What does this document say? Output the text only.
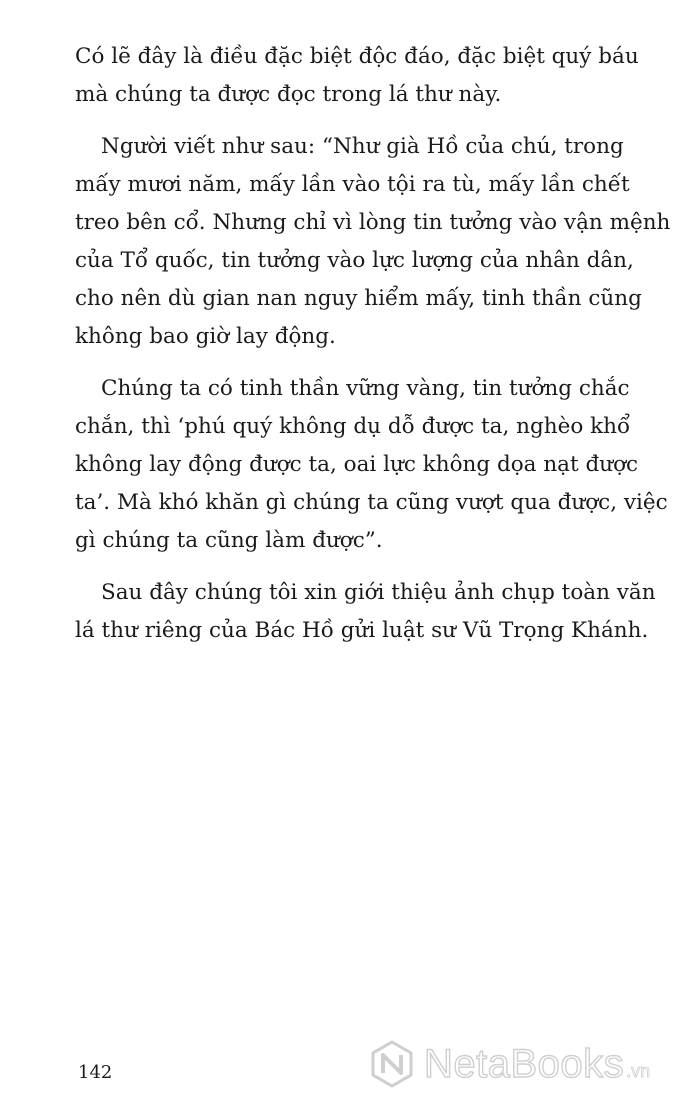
Có lẽ đây là điều đặc biệt độc đáo, đặc biệt quý báu
mà chúng ta được đọc trong lá thư này.

Người viết như sau: “Như già Hồ của chú, trong
mấy mươi năm, mấy lần vào tội ra tù, mấy lần chết
treo bên cổ. Nhưng chỉ vì lòng tin tưởng vào vận mệnh
của Tổ quốc, tin tưởng vào lực lượng của nhân dân,
cho nên dù gian nan nguy hiểm mấy, tinh thần cũng
không bao giờ lay động.

Chúng ta có tinh thần vững vàng, tin tưởng chắc
chắn, thì ‘phú quý không dụ dỗ được ta, nghèo khổ
không lay động được ta, oai lực không dọa nạt được
ta’. Mà khó khăn gì chúng ta cũng vượt qua được, việc
gì chúng ta cũng làm được”.

Sau đây chúng tôi xin giới thiệu ảnh chụp toàn văn
lá thư riêng của Bác Hồ gửi luật sư Vũ Trọng Khánh.

142	NetaBooks .vn
